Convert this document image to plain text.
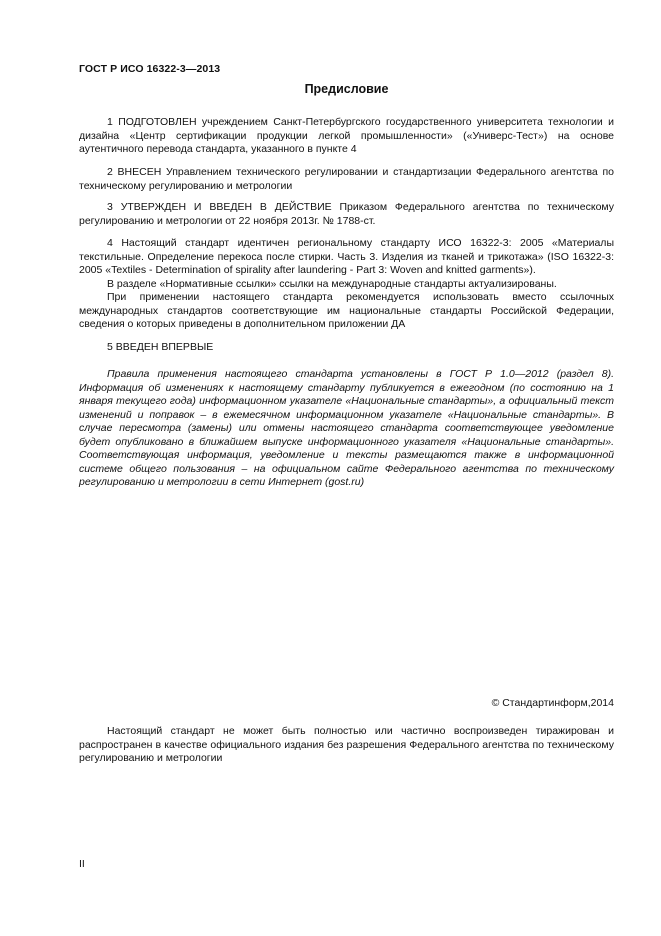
ГОСТ Р ИСО 16322-3—2013
Предисловие

1 ПОДГОТОВЛЕН учреждением Санкт-Петербургского государственного университета технологии и дизайна «Центр сертификации продукции легкой промышленности» («Универс-Тест») на основе аутентичного перевода стандарта, указанного в пункте 4

2 ВНЕСЕН Управлением технического регулировании и стандартизации Федерального агентства по техническому регулированию и метрологии

3 УТВЕРЖДЕН И ВВЕДЕН В ДЕЙСТВИЕ Приказом Федерального агентства по техническому регулированию и метрологии от 22 ноября 2013г. № 1788-ст.

4 Настоящий стандарт идентичен региональному стандарту ИСО 16322-3: 2005 «Материалы текстильные. Определение перекоса после стирки. Часть 3. Изделия из тканей и трикотажа» (ISO 16322-3: 2005 «Textiles - Determination of spirality after laundering - Part 3: Woven and knitted garments»).

В разделе «Нормативные ссылки» ссылки на международные стандарты актуализированы.

При применении настоящего стандарта рекомендуется использовать вместо ссылочных международных стандартов соответствующие им национальные стандарты Российской Федерации, сведения о которых приведены в дополнительном приложении ДА

5 ВВЕДЕН ВПЕРВЫЕ

Правила применения настоящего стандарта установлены в ГОСТ Р 1.0—2012 (раздел 8). Информация об изменениях к настоящему стандарту публикуется в ежегодном (по состоянию на 1 января текущего года) информационном указателе «Национальные стандарты», а официальный текст изменений и поправок – в ежемесячном информационном указателе «Национальные стандарты». В случае пересмотра (замены) или отмены настоящего стандарта соответствующее уведомление будет опубликовано в ближайшем выпуске информационного указателя «Национальные стандарты». Соответствующая информация, уведомление и тексты размещаются также в информационной системе общего пользования – на официальном сайте Федерального агентства по техническому регулированию и метрологии в сети Интернет (gost.ru)

© Стандартинформ,2014

Настоящий стандарт не может быть полностью или частично воспроизведен тиражирован и распространен в качестве официального издания без разрешения Федерального агентства по техническому регулированию и метрологии

II
